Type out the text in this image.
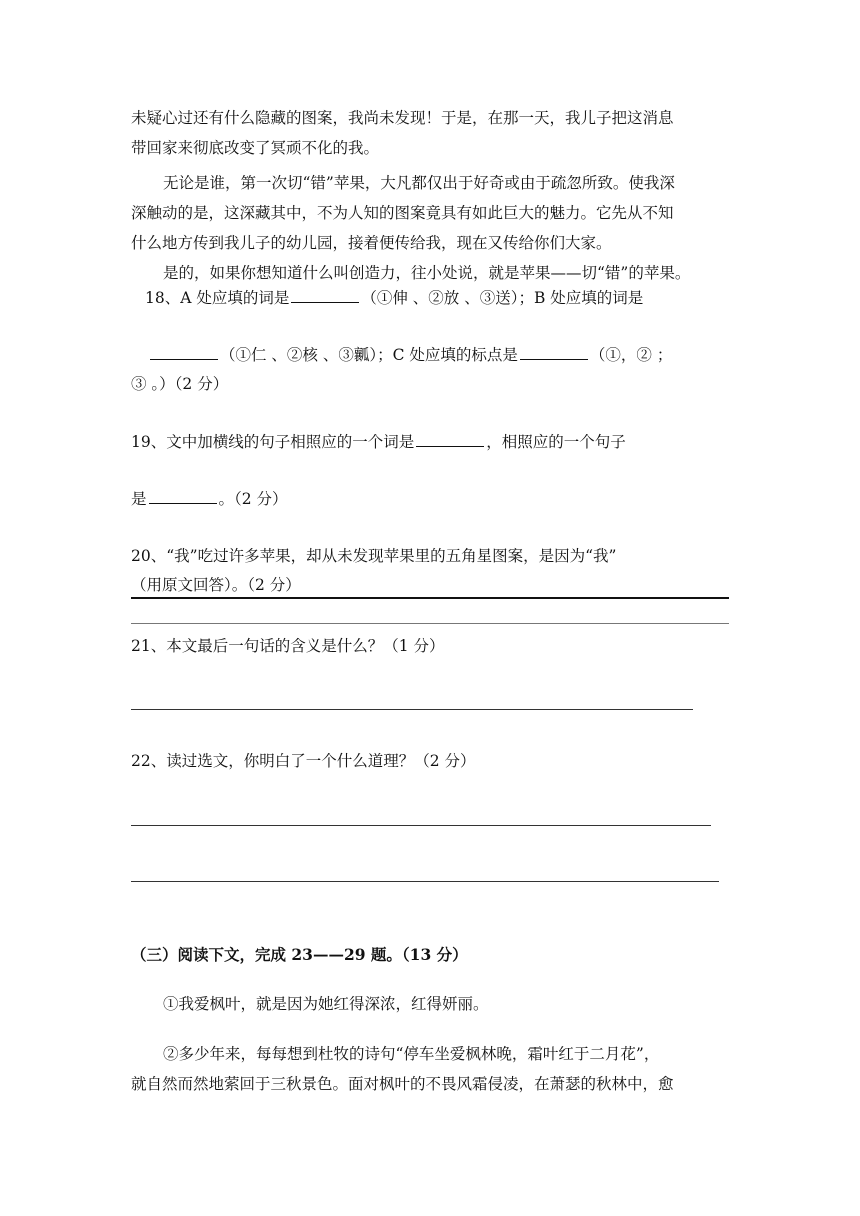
未疑心过还有什么隐藏的图案，我尚未发现！于是，在那一天，我儿子把这消息
带回家来彻底改变了冥顽不化的我。
无论是谁，第一次切“错”苹果，大凡都仅出于好奇或由于疏忽所致。使我深
深触动的是，这深藏其中，不为人知的图案竟具有如此巨大的魅力。它先从不知
什么地方传到我儿子的幼儿园，接着便传给我，现在又传给你们大家。
是的，如果你想知道什么叫创造力，往小处说，就是苹果——切“错”的苹果。
18、A 处应填的词是	（①伸 、②放 、③送）；B 处应填的词是
（①仁 、②核 、③瓤）；C 处应填的标点是	（①，② ；
③ 。）（2 分）
19、文中加横线的句子相照应的一个词是	，相照应的一个句子
是	。（2 分）
20、“我”吃过许多苹果，却从未发现苹果里的五角星图案，是因为“我”
（用原文回答）。（2 分）
21、本文最后一句话的含义是什么？（1 分）
22、读过选文，你明白了一个什么道理？（2 分）
（三）阅读下文，完成 23——29 题。（13 分）
①我爱枫叶，就是因为她红得深浓，红得妍丽。
②多少年来，每每想到杜牧的诗句“停车坐爱枫林晚，霜叶红于二月花”，
就自然而然地萦回于三秋景色。面对枫叶的不畏风霜侵凌，在萧瑟的秋林中，愈
